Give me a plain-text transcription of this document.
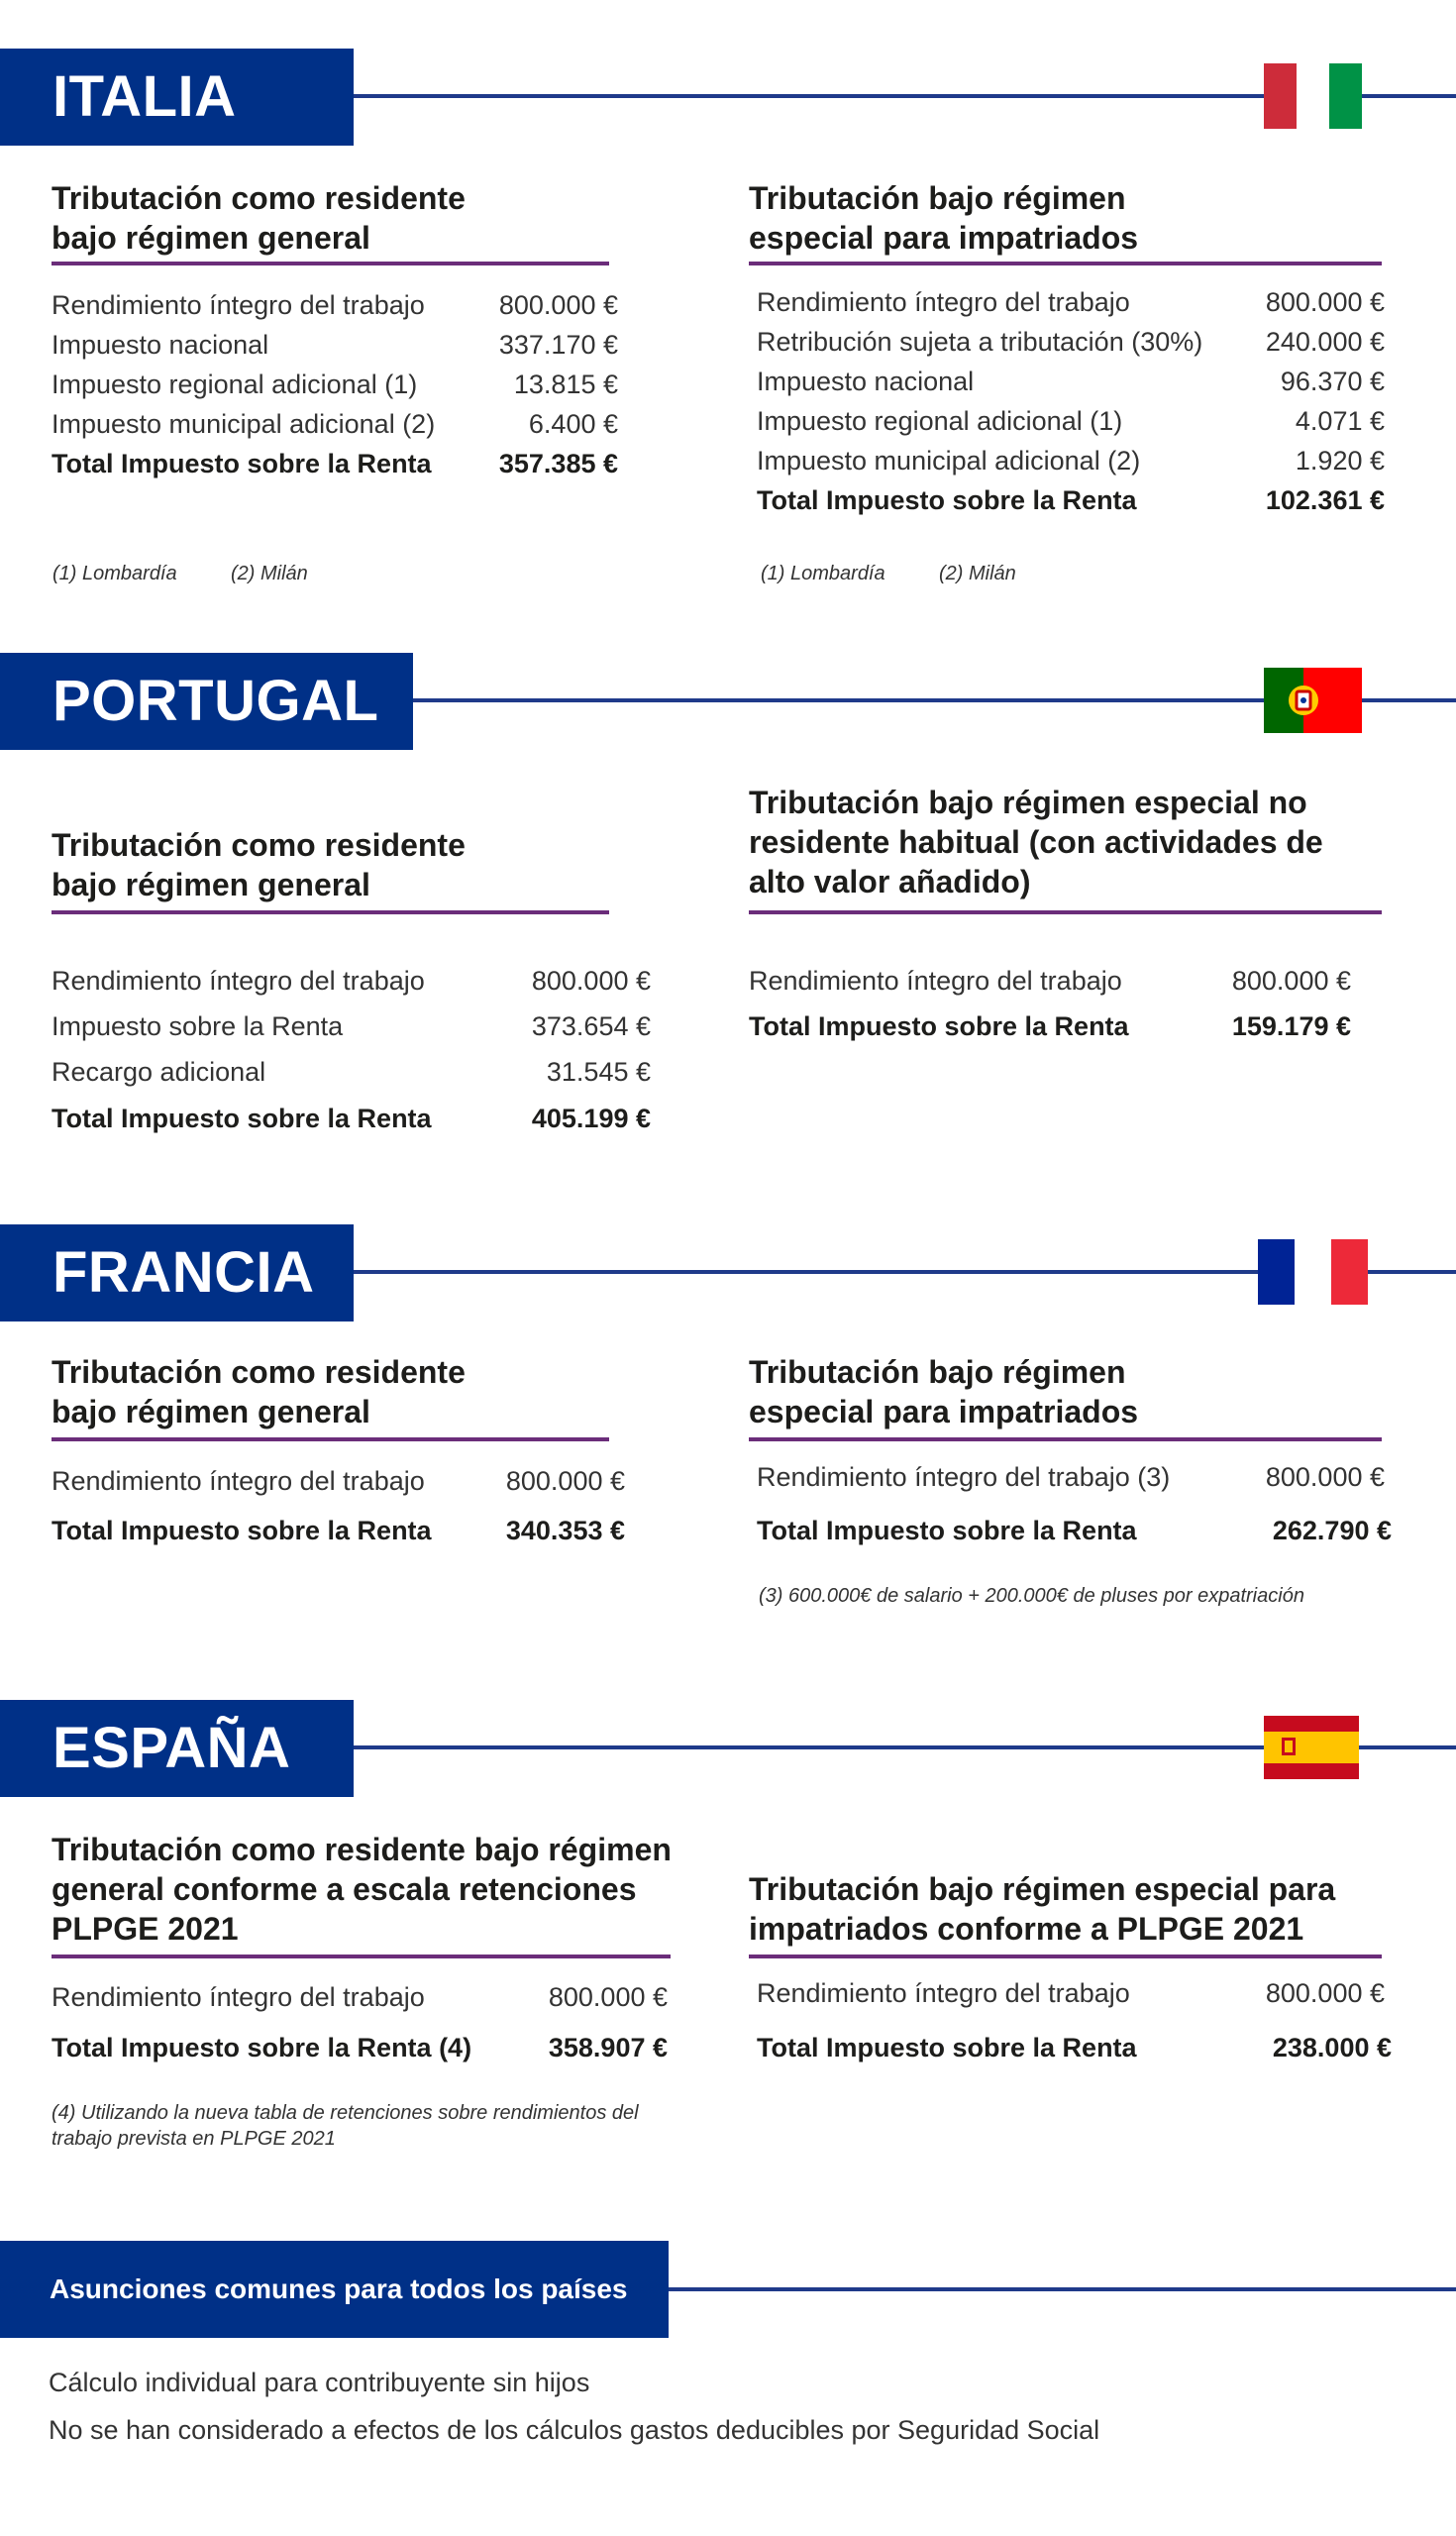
ITALIA
Tributación como residente
bajo régimen general
Rendimiento íntegro del trabajo	800.000 €
Impuesto nacional	337.170 €
Impuesto regional adicional (1)	13.815 €
Impuesto municipal adicional (2)	6.400 €
Total Impuesto sobre la Renta	357.385 €
(1) Lombardía	(2) Milán
Tributación bajo régimen
especial para impatriados
Rendimiento íntegro del trabajo	800.000 €
Retribución sujeta a tributación (30%) 240.000 €
Impuesto nacional	96.370 €
Impuesto regional adicional (1)	4.071 €
Impuesto municipal adicional (2)	1.920 €
Total Impuesto sobre la Renta	102.361 €
(1) Lombardía	(2) Milán
PORTUGAL
Tributación como residente
bajo régimen general
Rendimiento íntegro del trabajo	800.000 €
Impuesto sobre la Renta	373.654 €
Recargo adicional	31.545 €
Total Impuesto sobre la Renta	405.199 €
Tributación bajo régimen especial no
residente habitual (con actividades de
alto valor añadido)
Rendimiento íntegro del trabajo	800.000 €
Total Impuesto sobre la Renta	159.179 €
FRANCIA
Tributación como residente
bajo régimen general
Rendimiento íntegro del trabajo	800.000 €
Total Impuesto sobre la Renta	340.353 €
Tributación bajo régimen
especial para impatriados
Rendimiento íntegro del trabajo (3)	800.000 €
Total Impuesto sobre la Renta	262.790 €
(3) 600.000€ de salario + 200.000€ de pluses por expatriación
ESPAÑA
Tributación como residente bajo régimen
general conforme a escala retenciones
PLPGE 2021
Rendimiento íntegro del trabajo	800.000 €
Total Impuesto sobre la Renta (4)	358.907 €
(4) Utilizando la nueva tabla de retenciones sobre rendimientos del
trabajo prevista en PLPGE 2021
Tributación bajo régimen especial para
impatriados conforme a PLPGE 2021
Rendimiento íntegro del trabajo	800.000 €
Total Impuesto sobre la Renta	238.000 €
Asunciones comunes para todos los países
Cálculo individual para contribuyente sin hijos
No se han considerado a efectos de los cálculos gastos deducibles por Seguridad Social
